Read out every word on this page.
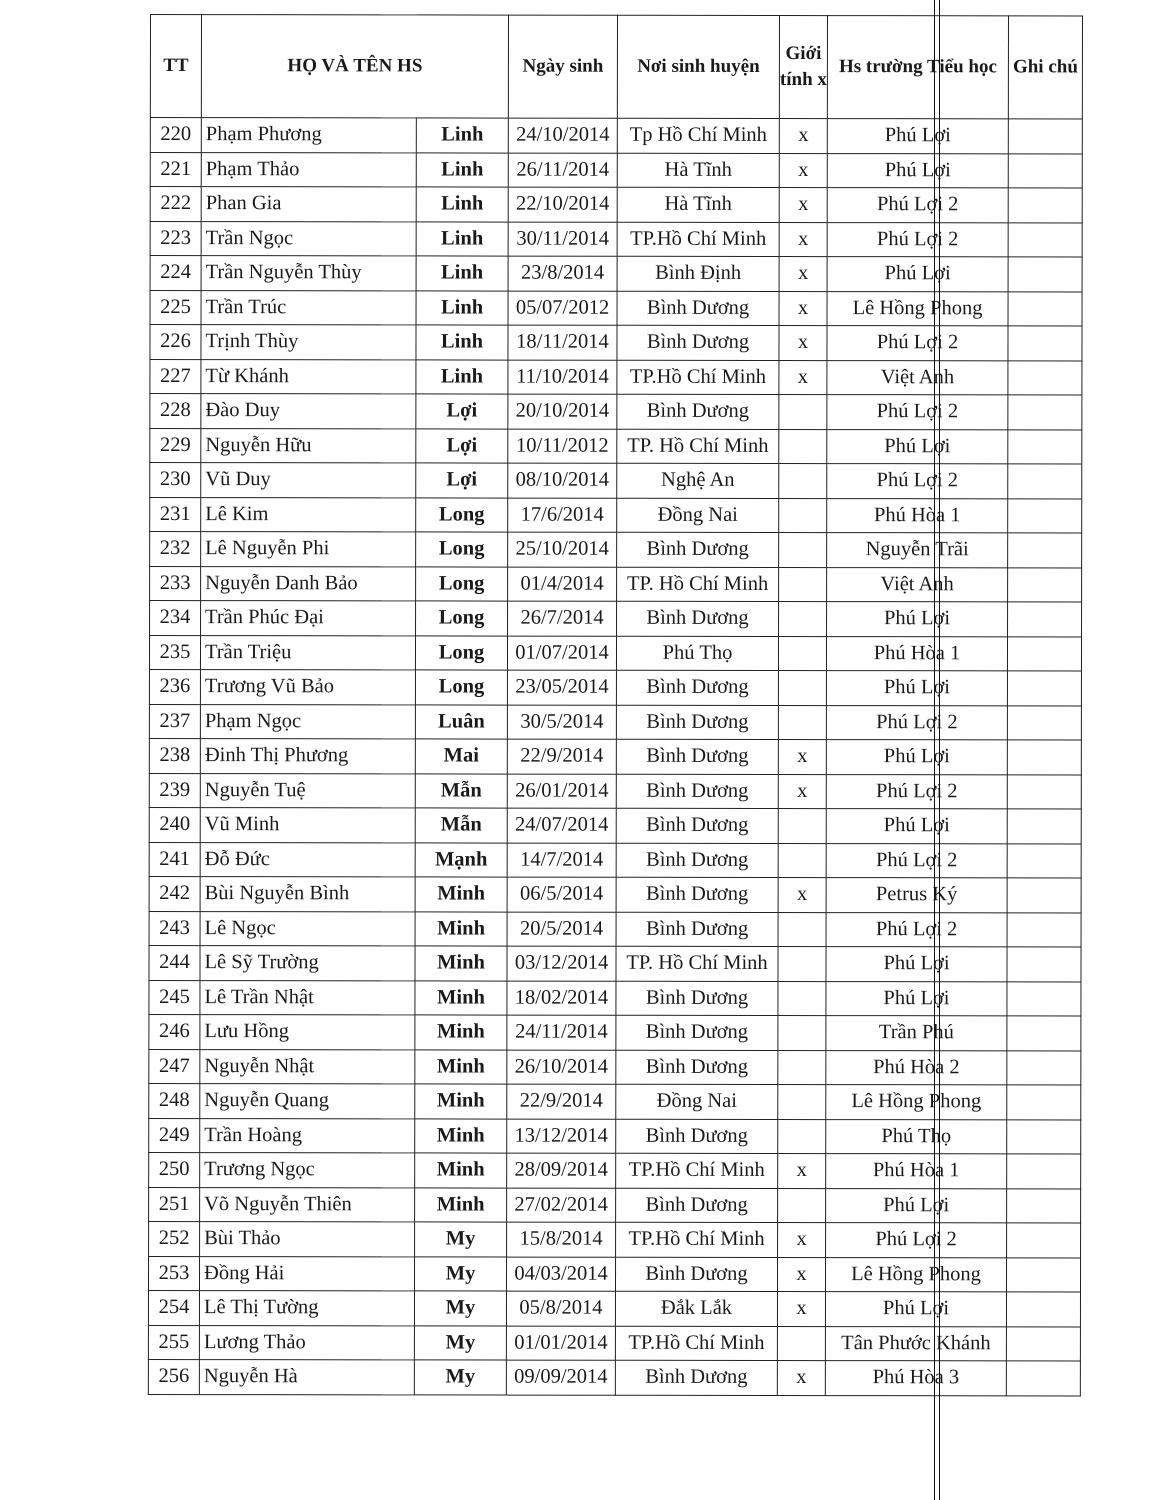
TT	HỌ VÀ TÊN HS		Ngày sinh	Nơi sinh huyện	Giới tính x	Hs trường Tiểu học	Ghi chú
220	Phạm Phương	Linh	24/10/2014	Tp Hồ Chí Minh	x	Phú Lợi	
221	Phạm Thảo	Linh	26/11/2014	Hà Tĩnh	x	Phú Lợi	
222	Phan Gia	Linh	22/10/2014	Hà Tĩnh	x	Phú Lợi 2	
223	Trần Ngọc	Linh	30/11/2014	TP.Hồ Chí Minh	x	Phú Lợi 2	
224	Trần Nguyễn Thùy	Linh	23/8/2014	Bình Định	x	Phú Lợi	
225	Trần Trúc	Linh	05/07/2012	Bình Dương	x	Lê Hồng Phong	
226	Trịnh Thùy	Linh	18/11/2014	Bình Dương	x	Phú Lợi 2	
227	Từ Khánh	Linh	11/10/2014	TP.Hồ Chí Minh	x	Việt Anh	
228	Đào Duy	Lợi	20/10/2014	Bình Dương		Phú Lợi 2	
229	Nguyễn Hữu	Lợi	10/11/2012	TP. Hồ Chí Minh		Phú Lợi	
230	Vũ Duy	Lợi	08/10/2014	Nghệ An		Phú Lợi 2	
231	Lê Kim	Long	17/6/2014	Đồng Nai		Phú Hòa 1	
232	Lê Nguyễn Phi	Long	25/10/2014	Bình Dương		Nguyễn Trãi	
233	Nguyễn Danh Bảo	Long	01/4/2014	TP. Hồ Chí Minh		Việt Anh	
234	Trần Phúc Đại	Long	26/7/2014	Bình Dương		Phú Lợi	
235	Trần Triệu	Long	01/07/2014	Phú Thọ		Phú Hòa 1	
236	Trương Vũ Bảo	Long	23/05/2014	Bình Dương		Phú Lợi	
237	Phạm Ngọc	Luân	30/5/2014	Bình Dương		Phú Lợi 2	
238	Đinh Thị Phương	Mai	22/9/2014	Bình Dương	x	Phú Lợi	
239	Nguyễn Tuệ	Mẫn	26/01/2014	Bình Dương	x	Phú Lợi 2	
240	Vũ Minh	Mẫn	24/07/2014	Bình Dương		Phú Lợi	
241	Đỗ Đức	Mạnh	14/7/2014	Bình Dương		Phú Lợi 2	
242	Bùi Nguyễn Bình	Minh	06/5/2014	Bình Dương	x	Petrus Ký	
243	Lê Ngọc	Minh	20/5/2014	Bình Dương		Phú Lợi 2	
244	Lê Sỹ Trường	Minh	03/12/2014	TP. Hồ Chí Minh		Phú Lợi	
245	Lê Trần Nhật	Minh	18/02/2014	Bình Dương		Phú Lợi	
246	Lưu Hồng	Minh	24/11/2014	Bình Dương		Trần Phú	
247	Nguyễn Nhật	Minh	26/10/2014	Bình Dương		Phú Hòa 2	
248	Nguyễn Quang	Minh	22/9/2014	Đồng Nai		Lê Hồng Phong	
249	Trần Hoàng	Minh	13/12/2014	Bình Dương		Phú Thọ	
250	Trương Ngọc	Minh	28/09/2014	TP.Hồ Chí Minh	x	Phú Hòa 1	
251	Võ Nguyễn Thiên	Minh	27/02/2014	Bình Dương		Phú Lợi	
252	Bùi Thảo	My	15/8/2014	TP.Hồ Chí Minh	x	Phú Lợi 2	
253	Đồng Hải	My	04/03/2014	Bình Dương	x	Lê Hồng Phong	
254	Lê Thị Tường	My	05/8/2014	Đắk Lắk	x	Phú Lợi	
255	Lương Thảo	My	01/01/2014	TP.Hồ Chí Minh		Tân Phước Khánh	
256	Nguyễn Hà	My	09/09/2014	Bình Dương	x	Phú Hòa 3	
